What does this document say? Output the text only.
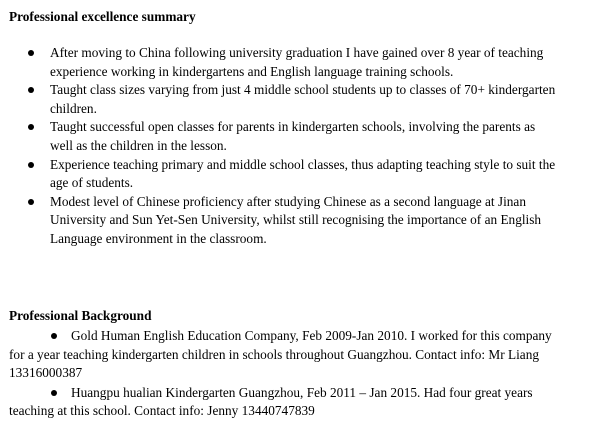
Professional excellence summary
After moving to China following university graduation I have gained over 8 year of teaching experience working in kindergartens and English language training schools.
Taught class sizes varying from just 4 middle school students up to classes of 70+ kindergarten children.
Taught successful open classes for parents in kindergarten schools, involving the parents as well as the children in the lesson.
Experience teaching primary and middle school classes, thus adapting teaching style to suit the age of students.
Modest level of Chinese proficiency after studying Chinese as a second language at Jinan University and Sun Yet-Sen University, whilst still recognising the importance of an English Language environment in the classroom.
Professional Background
Gold Human English Education Company, Feb 2009-Jan 2010. I worked for this company for a year teaching kindergarten children in schools throughout Guangzhou. Contact info: Mr Liang 13316000387
Huangpu hualian Kindergarten Guangzhou, Feb 2011 – Jan 2015. Had four great years teaching at this school. Contact info: Jenny 13440747839
